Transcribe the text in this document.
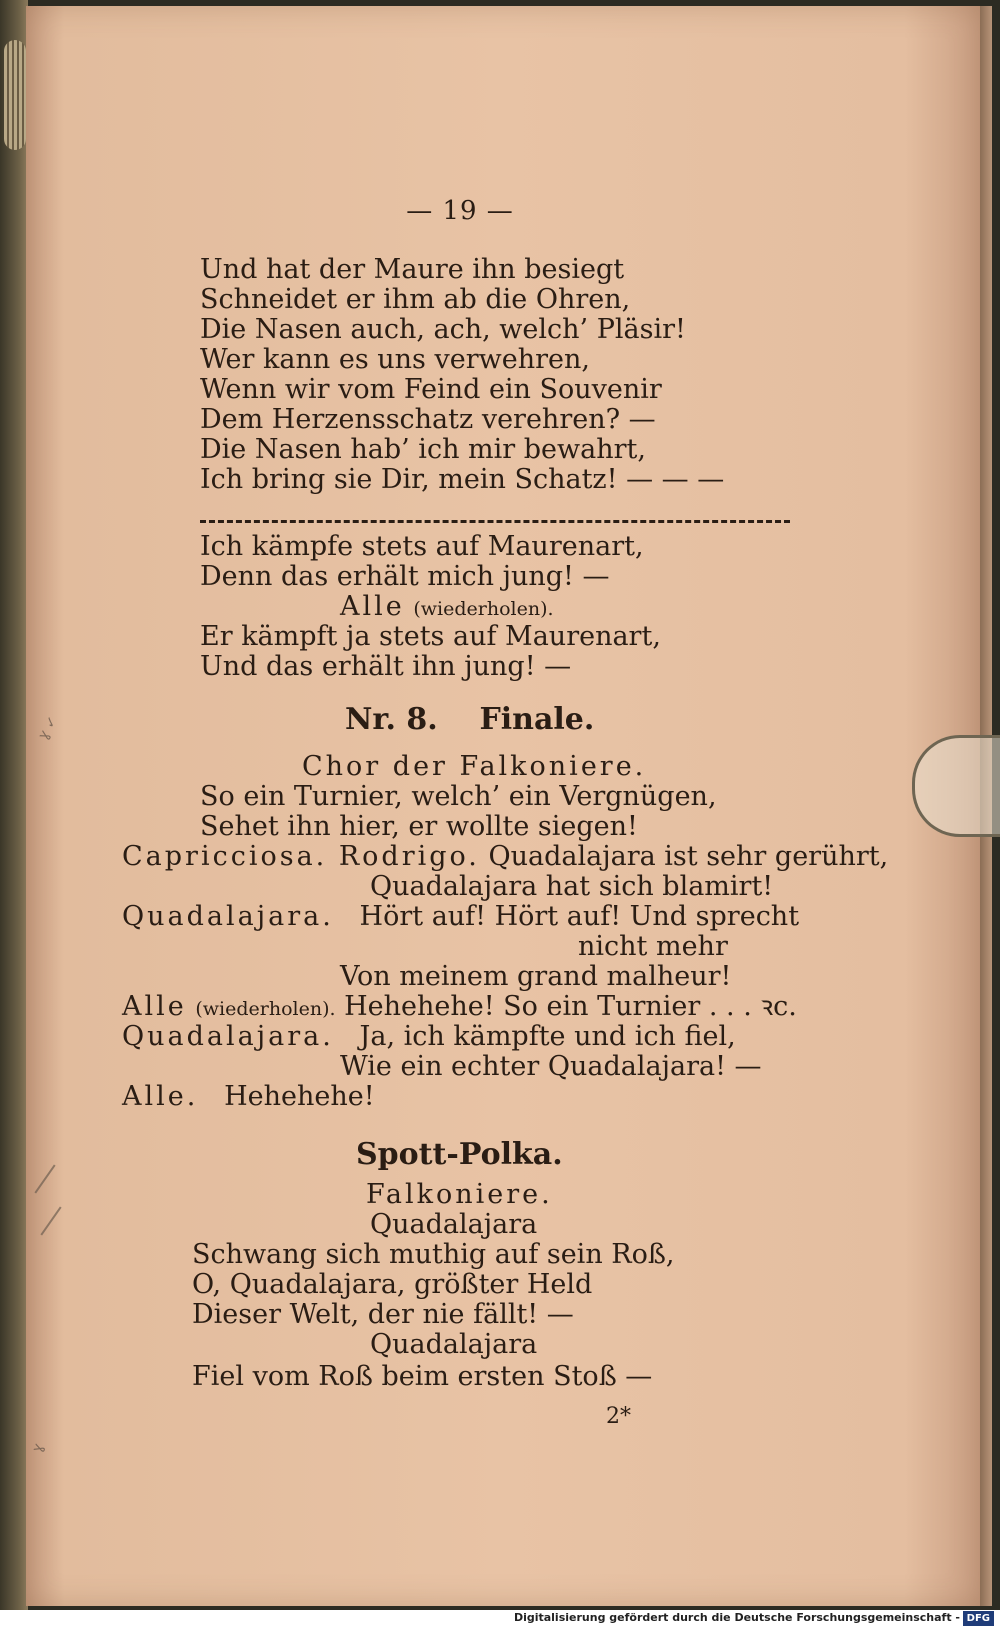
ɣ ✓
ɣ
— 19 —
Und hat der Maure ihn besiegt
Schneidet er ihm ab die Ohren,
Die Nasen auch, ach, welch’ Pläsir!
Wer kann es uns verwehren,
Wenn wir vom Feind ein Souvenir
Dem Herzensschatz verehren? —
Die Nasen hab’ ich mir bewahrt,
Ich bring sie Dir, mein Schatz! — — —
Ich kämpfe stets auf Maurenart,
Denn das erhält mich jung! —
Alle (wiederholen).
Er kämpft ja stets auf Maurenart,
Und das erhält ihn jung! —
Nr. 8. Finale.
Chor der Falkoniere.
So ein Turnier, welch’ ein Vergnügen,
Sehet ihn hier, er wollte siegen!
Capricciosa. Rodrigo. Quadalajara ist sehr gerührt,
Quadalajara hat sich blamirt!
Quadalajara. Hört auf! Hört auf! Und sprecht
nicht mehr
Von meinem grand malheur!
Alle (wiederholen). Hehehehe! So ein Turnier . . . ꝛc.
Quadalajara. Ja, ich kämpfte und ich fiel,
Wie ein echter Quadalajara! —
Alle. Hehehehe!
Spott-Polka.
Falkoniere.
Quadalajara
Schwang sich muthig auf sein Roß,
O, Quadalajara, größter Held
Dieser Welt, der nie fällt! —
Quadalajara
Fiel vom Roß beim ersten Stoß —
2*
Digitalisierung gefördert durch die Deutsche Forschungsgemeinschaft - DFG
